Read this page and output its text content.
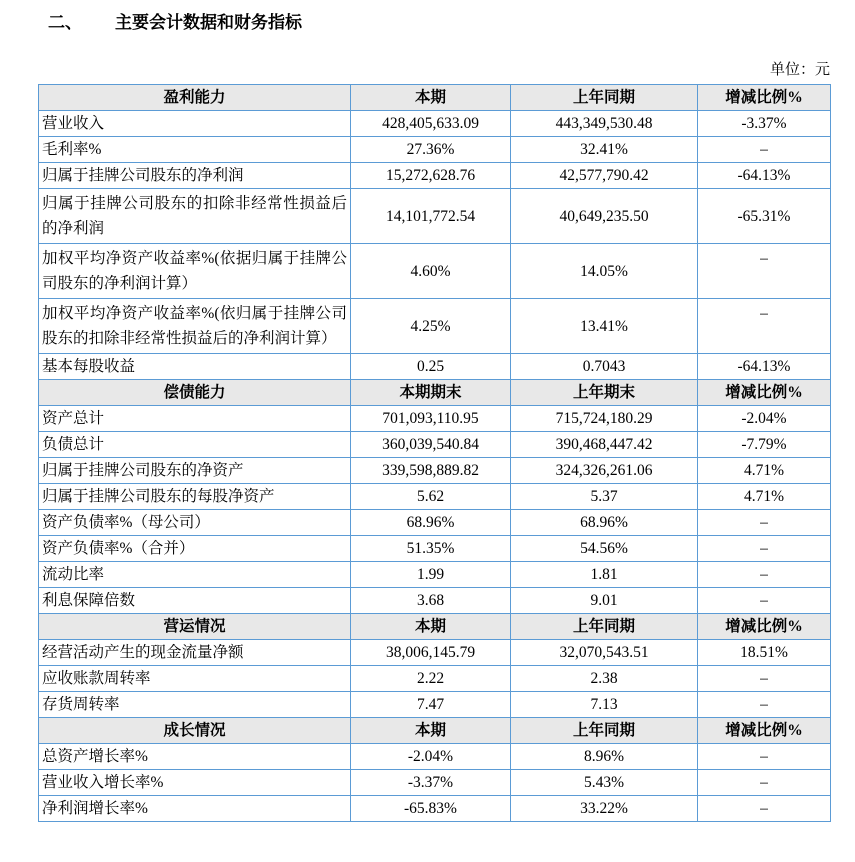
二、	主要会计数据和财务指标
单位：元
盈利能力	本期	上年同期	增减比例%
营业收入	428,405,633.09	443,349,530.48	-3.37%
毛利率%	27.36%	32.41%	–
归属于挂牌公司股东的净利润	15,272,628.76	42,577,790.42	-64.13%
归属于挂牌公司股东的扣除非经常性损益后的净利润	14,101,772.54	40,649,235.50	-65.31%
加权平均净资产收益率%(依据归属于挂牌公司股东的净利润计算）	4.60%	14.05%	–
加权平均净资产收益率%(依归属于挂牌公司股东的扣除非经常性损益后的净利润计算）	4.25%	13.41%	–
基本每股收益	0.25	0.7043	-64.13%
偿债能力	本期期末	上年期末	增减比例%
资产总计	701,093,110.95	715,724,180.29	-2.04%
负债总计	360,039,540.84	390,468,447.42	-7.79%
归属于挂牌公司股东的净资产	339,598,889.82	324,326,261.06	4.71%
归属于挂牌公司股东的每股净资产	5.62	5.37	4.71%
资产负债率%（母公司）	68.96%	68.96%	–
资产负债率%（合并）	51.35%	54.56%	–
流动比率	1.99	1.81	–
利息保障倍数	3.68	9.01	–
营运情况	本期	上年同期	增减比例%
经营活动产生的现金流量净额	38,006,145.79	32,070,543.51	18.51%
应收账款周转率	2.22	2.38	–
存货周转率	7.47	7.13	–
成长情况	本期	上年同期	增减比例%
总资产增长率%	-2.04%	8.96%	–
营业收入增长率%	-3.37%	5.43%	–
净利润增长率%	-65.83%	33.22%	–
